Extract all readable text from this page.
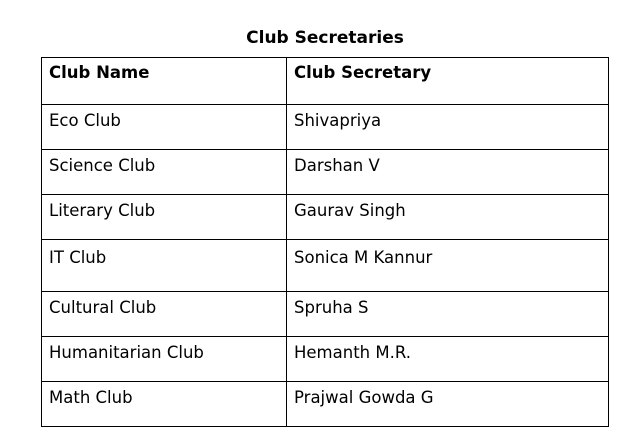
Club Secretaries
Club Name	Club Secretary
Eco Club	Shivapriya
Science Club	Darshan V
Literary Club	Gaurav Singh
IT Club	Sonica M Kannur
Cultural Club	Spruha S
Humanitarian Club	Hemanth M.R.
Math Club	Prajwal Gowda G
